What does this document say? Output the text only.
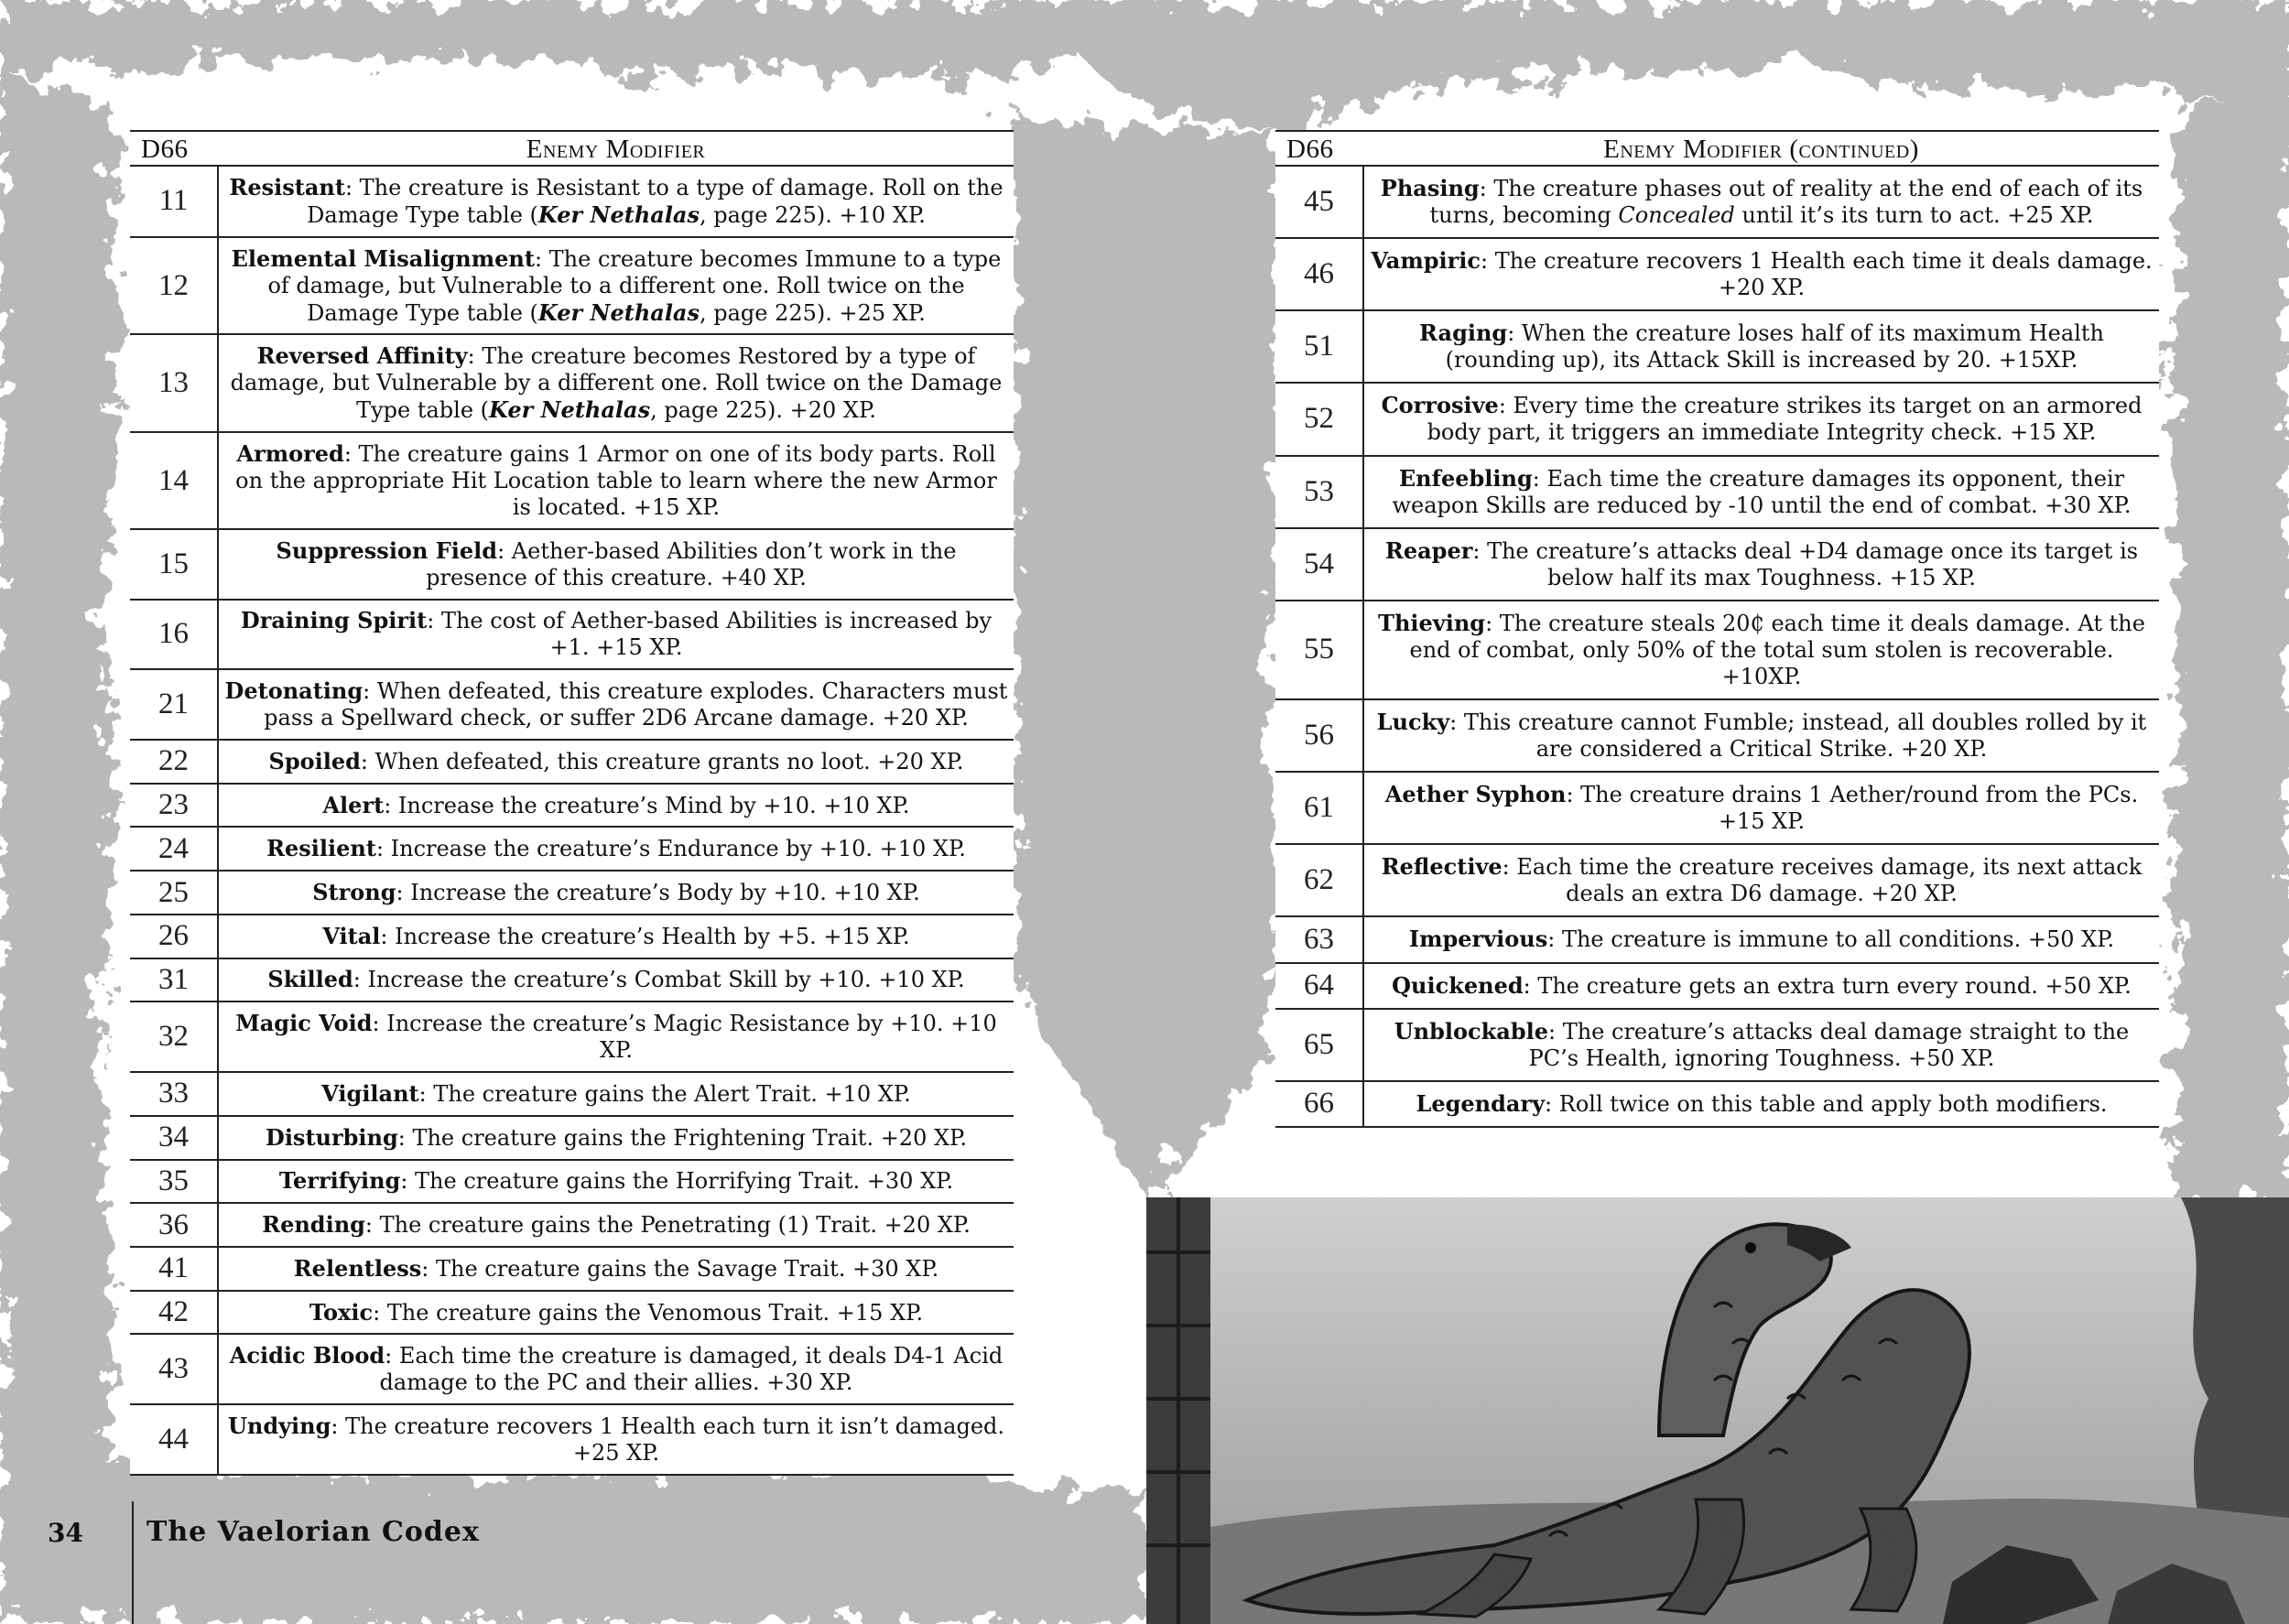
D66	Enemy Modifier
11	Resistant: The creature is Resistant to a type of damage. Roll on the Damage Type table (Ker Nethalas, page 225). +10 XP.
12	Elemental Misalignment: The creature becomes Immune to a type of damage, but Vulnerable to a different one. Roll twice on the Damage Type table (Ker Nethalas, page 225). +25 XP.
13	Reversed Affinity: The creature becomes Restored by a type of damage, but Vulnerable by a different one. Roll twice on the Damage Type table (Ker Nethalas, page 225). +20 XP.
14	Armored: The creature gains 1 Armor on one of its body parts. Roll on the appropriate Hit Location table to learn where the new Armor is located. +15 XP.
15	Suppression Field: Aether-based Abilities don’t work in the presence of this creature. +40 XP.
16	Draining Spirit: The cost of Aether-based Abilities is increased by +1. +15 XP.
21	Detonating: When defeated, this creature explodes. Characters must pass a Spellward check, or suffer 2D6 Arcane damage. +20 XP.
22	Spoiled: When defeated, this creature grants no loot. +20 XP.
23	Alert: Increase the creature’s Mind by +10. +10 XP.
24	Resilient: Increase the creature’s Endurance by +10. +10 XP.
25	Strong: Increase the creature’s Body by +10. +10 XP.
26	Vital: Increase the creature’s Health by +5. +15 XP.
31	Skilled: Increase the creature’s Combat Skill by +10. +10 XP.
32	Magic Void: Increase the creature’s Magic Resistance by +10. +10 XP.
33	Vigilant: The creature gains the Alert Trait. +10 XP.
34	Disturbing: The creature gains the Frightening Trait. +20 XP.
35	Terrifying: The creature gains the Horrifying Trait. +30 XP.
36	Rending: The creature gains the Penetrating (1) Trait. +20 XP.
41	Relentless: The creature gains the Savage Trait. +30 XP.
42	Toxic: The creature gains the Venomous Trait. +15 XP.
43	Acidic Blood: Each time the creature is damaged, it deals D4-1 Acid damage to the PC and their allies. +30 XP.
44	Undying: The creature recovers 1 Health each turn it isn’t damaged. +25 XP.
34 The Vaelorian Codex
D66	Enemy Modifier (continued)
45	Phasing: The creature phases out of reality at the end of each of its turns, becoming Concealed until it’s its turn to act. +25 XP.
46	Vampiric: The creature recovers 1 Health each time it deals damage. +20 XP.
51	Raging: When the creature loses half of its maximum Health (rounding up), its Attack Skill is increased by 20. +15XP.
52	Corrosive: Every time the creature strikes its target on an armored body part, it triggers an immediate Integrity check. +15 XP.
53	Enfeebling: Each time the creature damages its opponent, their weapon Skills are reduced by -10 until the end of combat. +30 XP.
54	Reaper: The creature’s attacks deal +D4 damage once its target is below half its max Toughness. +15 XP.
55	Thieving: The creature steals 20₵ each time it deals damage. At the end of combat, only 50% of the total sum stolen is recoverable. +10XP.
56	Lucky: This creature cannot Fumble; instead, all doubles rolled by it are considered a Critical Strike. +20 XP.
61	Aether Syphon: The creature drains 1 Aether/round from the PCs. +15 XP.
62	Reflective: Each time the creature receives damage, its next attack deals an extra D6 damage. +20 XP.
63	Impervious: The creature is immune to all conditions. +50 XP.
64	Quickened: The creature gets an extra turn every round. +50 XP.
65	Unblockable: The creature’s attacks deal damage straight to the PC’s Health, ignoring Toughness. +50 XP.
66	Legendary: Roll twice on this table and apply both modifiers.
